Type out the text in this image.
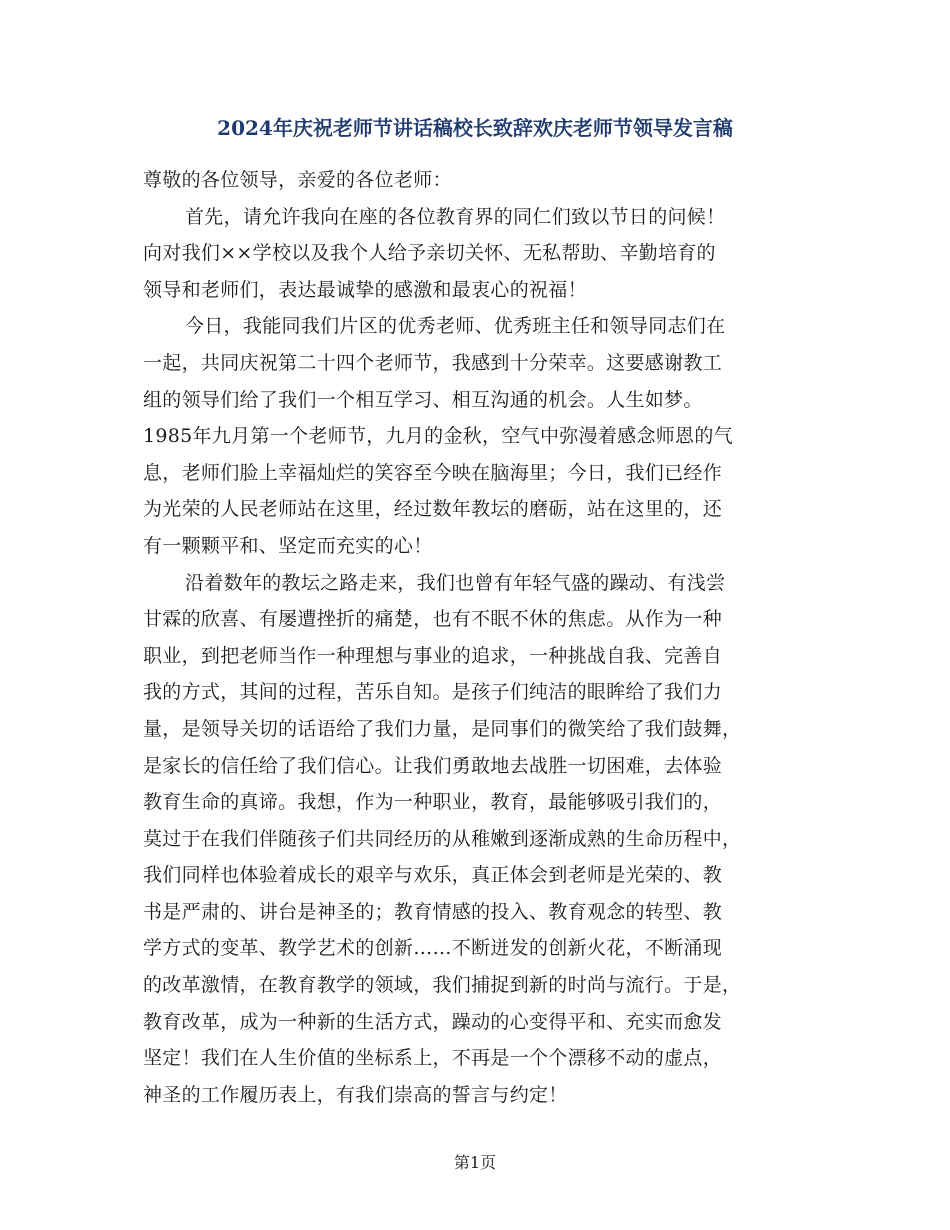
2024年庆祝老师节讲话稿校长致辞欢庆老师节领导发言稿
尊敬的各位领导，亲爱的各位老师：
首先，请允许我向在座的各位教育界的同仁们致以节日的问候！
向对我们××学校以及我个人给予亲切关怀、无私帮助、辛勤培育的
领导和老师们，表达最诚挚的感激和最衷心的祝福！
今日，我能同我们片区的优秀老师、优秀班主任和领导同志们在
一起，共同庆祝第二十四个老师节，我感到十分荣幸。这要感谢教工
组的领导们给了我们一个相互学习、相互沟通的机会。人生如梦。
1985年九月第一个老师节，九月的金秋，空气中弥漫着感念师恩的气
息，老师们脸上幸福灿烂的笑容至今映在脑海里；今日，我们已经作
为光荣的人民老师站在这里，经过数年教坛的磨砺，站在这里的，还
有一颗颗平和、坚定而充实的心！
沿着数年的教坛之路走来，我们也曾有年轻气盛的躁动、有浅尝
甘霖的欣喜、有屡遭挫折的痛楚，也有不眠不休的焦虑。从作为一种
职业，到把老师当作一种理想与事业的追求，一种挑战自我、完善自
我的方式，其间的过程，苦乐自知。是孩子们纯洁的眼眸给了我们力
量，是领导关切的话语给了我们力量，是同事们的微笑给了我们鼓舞，
是家长的信任给了我们信心。让我们勇敢地去战胜一切困难，去体验
教育生命的真谛。我想，作为一种职业，教育，最能够吸引我们的，
莫过于在我们伴随孩子们共同经历的从稚嫩到逐渐成熟的生命历程中，
我们同样也体验着成长的艰辛与欢乐，真正体会到老师是光荣的、教
书是严肃的、讲台是神圣的；教育情感的投入、教育观念的转型、教
学方式的变革、教学艺术的创新……不断迸发的创新火花，不断涌现
的改革激情，在教育教学的领域，我们捕捉到新的时尚与流行。于是，
教育改革，成为一种新的生活方式，躁动的心变得平和、充实而愈发
坚定！我们在人生价值的坐标系上，不再是一个个漂移不动的虚点，
神圣的工作履历表上，有我们崇高的誓言与约定！
第1页
